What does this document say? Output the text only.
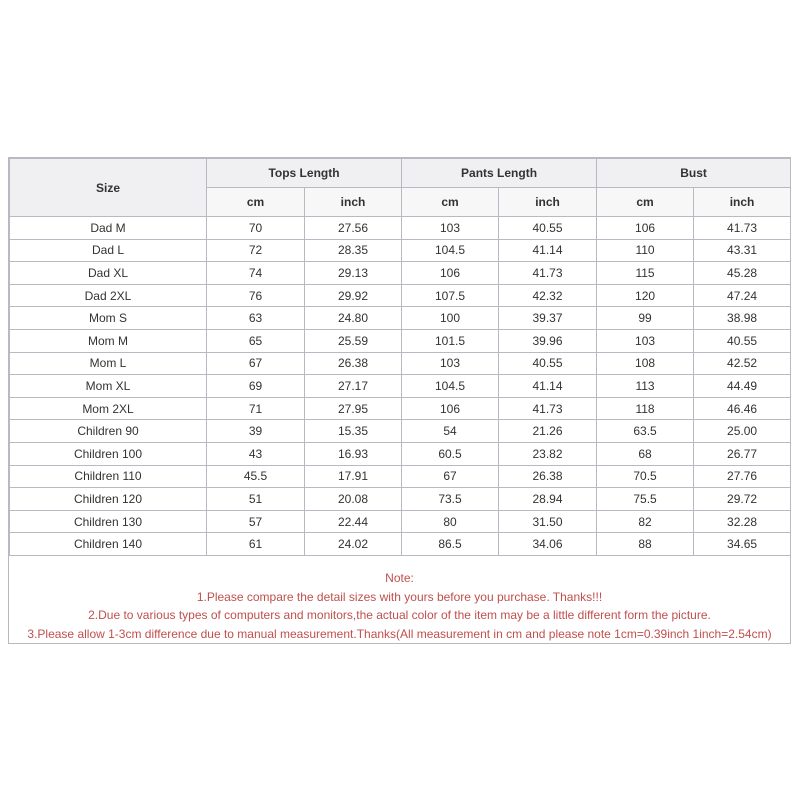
Size	Tops Length		Pants Length		Bust	
	cm	inch	cm	inch	cm	inch
Dad M	70	27.56	103	40.55	106	41.73
Dad L	72	28.35	104.5	41.14	110	43.31
Dad XL	74	29.13	106	41.73	115	45.28
Dad 2XL	76	29.92	107.5	42.32	120	47.24
Mom S	63	24.80	100	39.37	99	38.98
Mom M	65	25.59	101.5	39.96	103	40.55
Mom L	67	26.38	103	40.55	108	42.52
Mom XL	69	27.17	104.5	41.14	113	44.49
Mom 2XL	71	27.95	106	41.73	118	46.46
Children 90	39	15.35	54	21.26	63.5	25.00
Children 100	43	16.93	60.5	23.82	68	26.77
Children 110	45.5	17.91	67	26.38	70.5	27.76
Children 120	51	20.08	73.5	28.94	75.5	29.72
Children 130	57	22.44	80	31.50	82	32.28
Children 140	61	24.02	86.5	34.06	88	34.65
Note:
1.Please compare the detail sizes with yours before you purchase. Thanks!!!
2.Due to various types of computers and monitors,the actual color of the item may be a little different form the picture.
3.Please allow 1-3cm difference due to manual measurement.Thanks(All measurement in cm and please note 1cm=0.39inch 1inch=2.54cm)
